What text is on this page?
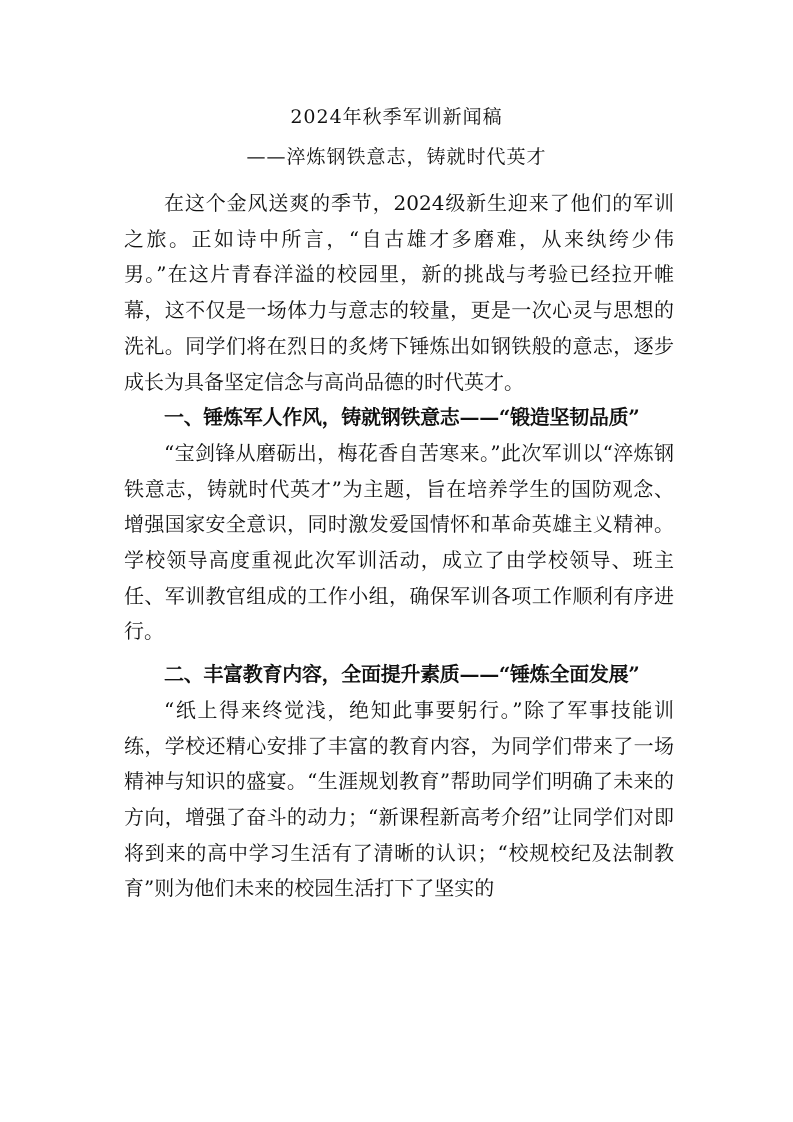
2024年秋季军训新闻稿
——淬炼钢铁意志，铸就时代英才

在这个金风送爽的季节，2024级新生迎来了他们的军训之旅。正如诗中所言，“自古雄才多磨难，从来纨绔少伟男。”在这片青春洋溢的校园里，新的挑战与考验已经拉开帷幕，这不仅是一场体力与意志的较量，更是一次心灵与思想的洗礼。同学们将在烈日的炙烤下锤炼出如钢铁般的意志，逐步成长为具备坚定信念与高尚品德的时代英才。

一、锤炼军人作风，铸就钢铁意志——“锻造坚韧品质”

“宝剑锋从磨砺出，梅花香自苦寒来。”此次军训以“淬炼钢铁意志，铸就时代英才”为主题，旨在培养学生的国防观念、增强国家安全意识，同时激发爱国情怀和革命英雄主义精神。学校领导高度重视此次军训活动，成立了由学校领导、班主任、军训教官组成的工作小组，确保军训各项工作顺利有序进行。

二、丰富教育内容，全面提升素质——“锤炼全面发展”

“纸上得来终觉浅，绝知此事要躬行。”除了军事技能训练，学校还精心安排了丰富的教育内容，为同学们带来了一场精神与知识的盛宴。“生涯规划教育”帮助同学们明确了未来的方向，增强了奋斗的动力；“新课程新高考介绍”让同学们对即将到来的高中学习生活有了清晰的认识；“校规校纪及法制教育”则为他们未来的校园生活打下了坚实的
